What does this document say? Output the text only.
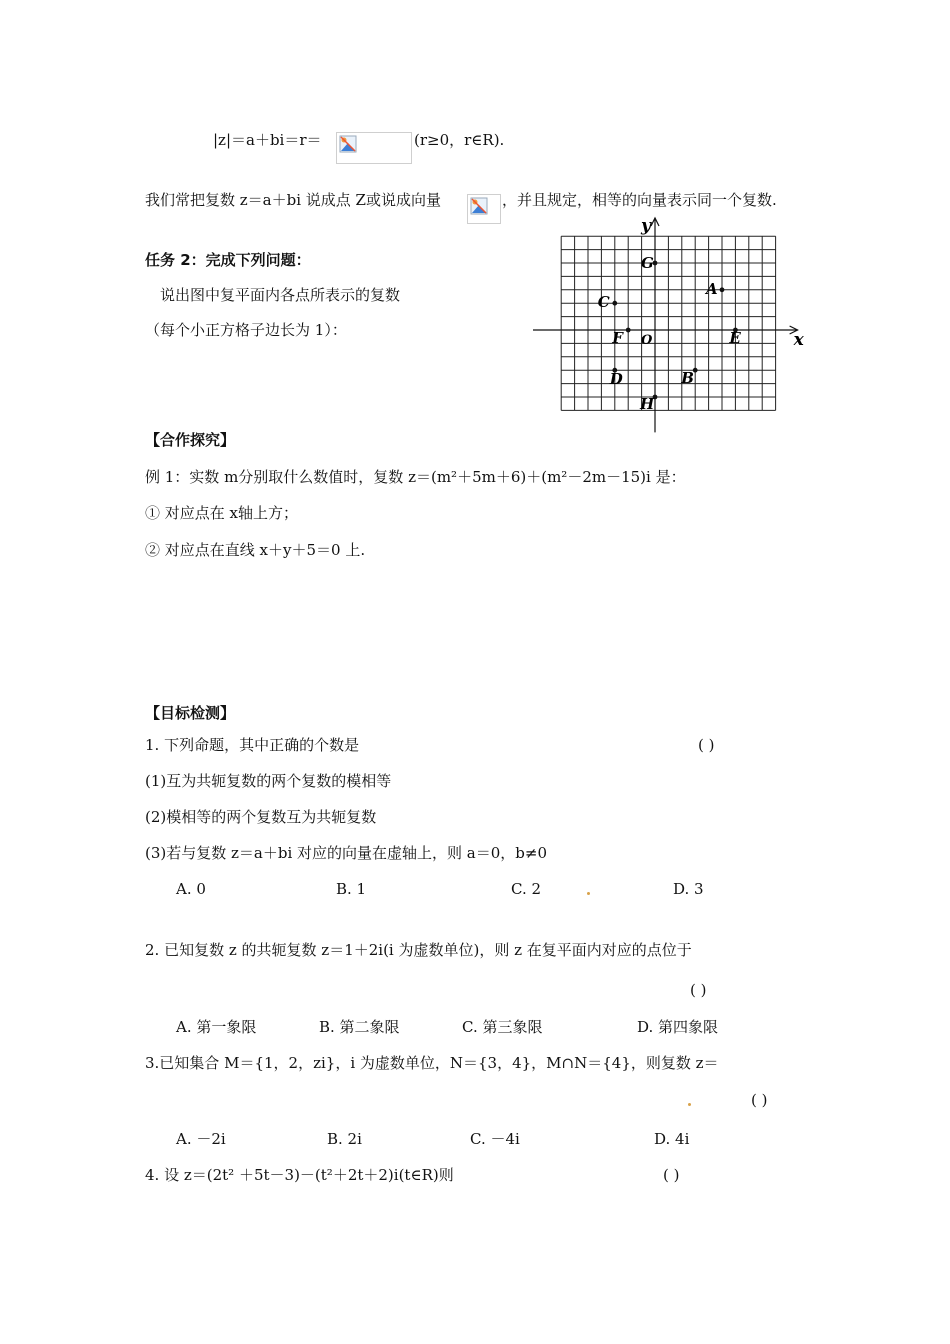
|z|＝a＋bi＝r＝	(r≥0，r∈R).
我们常把复数 z＝a＋bi 说成点 Z或说成向量	，并且规定，相等的向量表示同一个复数.
任务 2：完成下列问题：
说出图中复平面内各点所表示的复数
（每个小正方格子边长为 1）：	x
y
O
G
A
C
F	E
D	B
H
【合作探究】
例 1：实数 m分别取什么数值时，复数 z＝(m²＋5m＋6)＋(m²－2m－15)i 是：
① 对应点在 x轴上方；
② 对应点在直线 x＋y＋5＝0 上.
【目标检测】
1. 下列命题，其中正确的个数是	( )
(1)互为共轭复数的两个复数的模相等
(2)模相等的两个复数互为共轭复数
(3)若与复数 z＝a＋bi 对应的向量在虚轴上，则 a＝0，b≠0
A. 0	B. 1	C. 2	D. 3
2. 已知复数 z 的共轭复数 z＝1＋2i(i 为虚数单位)，则 z 在复平面内对应的点位于
( )
A. 第一象限	B. 第二象限	C. 第三象限	D. 第四象限
3.已知集合 M＝{1，2，zi}，i 为虚数单位，N＝{3，4}，M∩N＝{4}，则复数 z＝
( )
A. －2i	B. 2i	C. －4i	D. 4i
4. 设 z＝(2t² ＋5t－3)－(t²＋2t＋2)i(t∈R)则	( )
